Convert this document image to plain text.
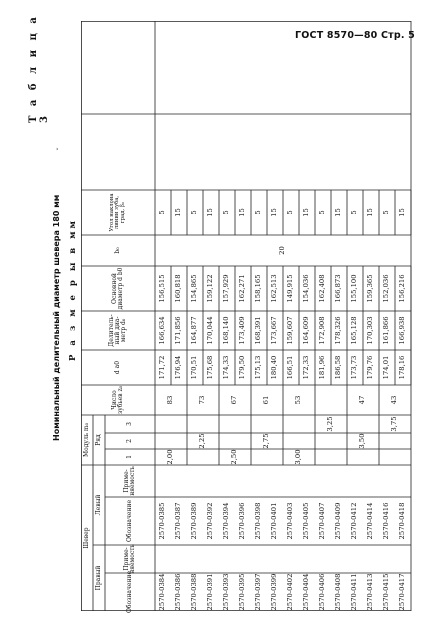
ГОСТ 8570—80 Стр. 5
Т а б л и ц а 3
Номинальный делительный диаметр шевера 180 мм Р а з м е р ы в мм
ˇ
Шевер
Правый
Левый
Обозначение
Приме- няемость
Обозначение
Приме- няемость
Модуль m₀ Ряд
1
2
3
Число зубьев z₀
d a0
Делитель- ный диа- метр d₀
Основной диаметр d b0
b₀
Угол наклона линии зуба, град. β₀
2570-0384
2570-0385
2,00
83
171,72
166,634
156,515
5
2570-0386
2570-0387
176,94
171,856
160,818
15
2570-0388
2570-0389
2,25
73
170,51
164,877
154,865
5
2570-0391
2570-0392
175,68
170,044
159,122
15
2570-0393
2570-0394
2,50
67
174,33
168,140
157,929
5
2570-0395
2570-0396
179,50
173,409
162,271
15
2570-0397
2570-0398
2,75
61
175,13
168,391
158,165
5
2570-0399
2570-0401
180,40
173,667
162,513
15
2570-0402
2570-0403
3,00
53
166,51
159,607
149,915
5
2570-0404
2570-0405
172,33
164,609
154,036
15
2570-0406
2570-0407
3,25
181,96
172,908
162,408
5
2570-0408
2570-0409
186,58
178,326
166,873
15
2570-0411
2570-0412
3,50
47
173,73
165,128
155,100
5
2570-0413
2570-0414
179,76
170,303
159,365
15
2570-0415
2570-0416
3,75
43
174,01
161,866
152,036
5
2570-0417
2570-0418
178,16
166,938
156,216
15
20
